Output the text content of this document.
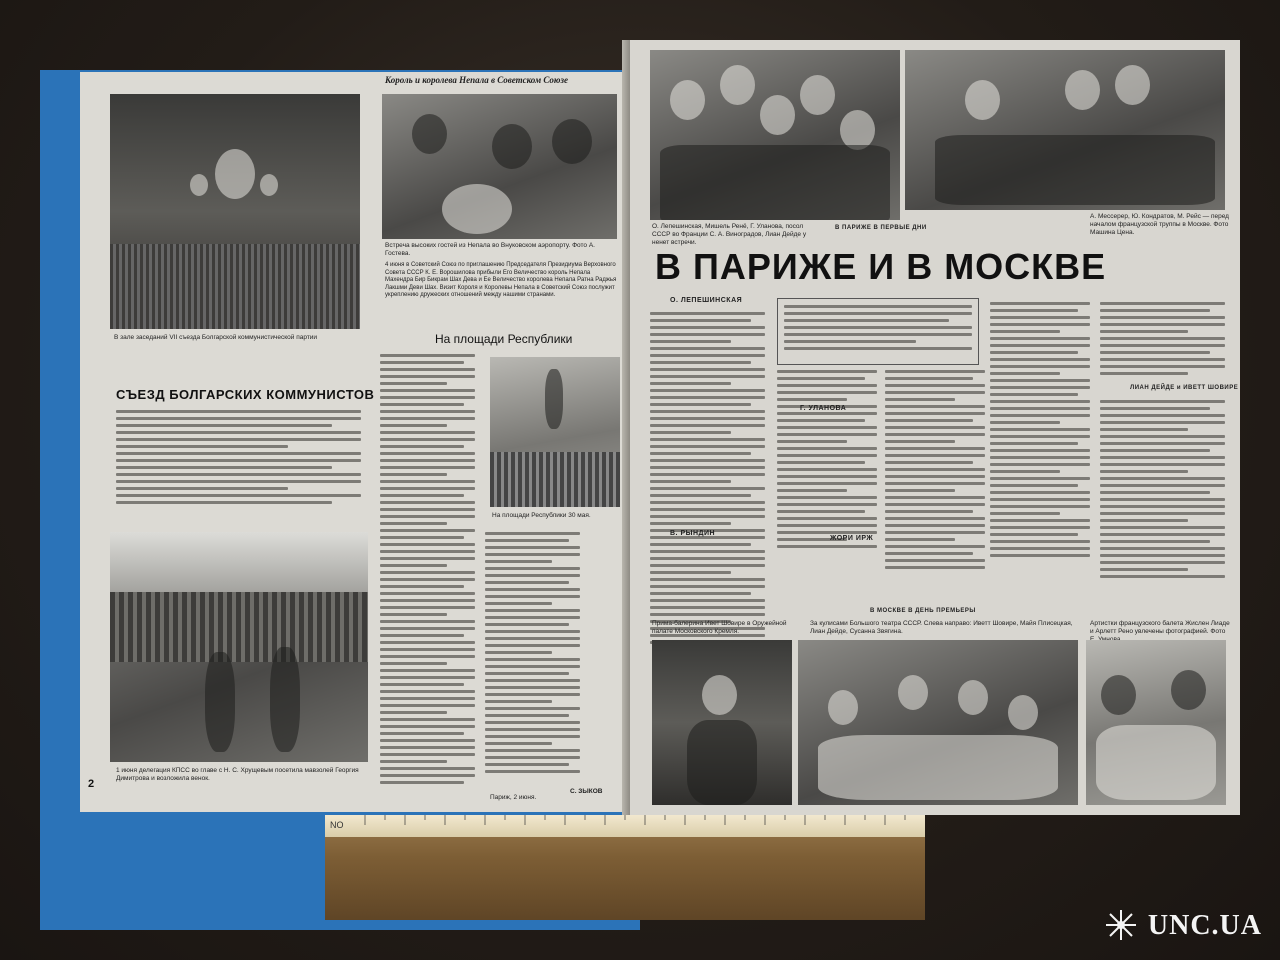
В зале заседаний VII съезда Болгарской коммунистической партии
Король и королева Непала в Советском Союзе
Встреча высоких гостей из Непала во Внуковском аэропорту. Фото А. Гостева.
4 июня в Советский Союз по приглашению Председателя Президиума Верховного Совета СССР К. Е. Ворошилова прибыли Его Величество король Непала Махендра Бир Бикрам Шах Дева и Ее Величество королева Непала Ратна Раджья Лакшми Деви Шах. Визит Короля и Королевы Непала в Советский Союз послужит укреплению дружеских отношений между нашими странами.
На площади Республики
СЪЕЗД БОЛГАРСКИХ КОММУНИСТОВ
На площади Республики 30 мая.
1 июня делегация КПСС во главе с Н. С. Хрущевым посетила мавзолей Георгия Димитрова и возложила венок.
Париж, 2 июня.
С. ЗЫКОВ
2
О. Лепешинская, Мишель Ренё, Г. Уланова, посол СССР во Франции С. А. Виноградов, Лиан Дейде у ненет встречи.
А. Мессерер, Ю. Кондратов, М. Рейс — перед началом французской труппы в Москве. Фото Машина Цена.
В ПАРИЖЕ В ПЕРВЫЕ ДНИ
В ПАРИЖЕ И В МОСКВЕ
О. ЛЕПЕШИНСКАЯ
В. РЫНДИН
Г. УЛАНОВА
ЖОРИ ИРЖ
ЛИАН ДЕЙДЕ и ИВЕТТ ШОВИРЕ
В МОСКВЕ В ДЕНЬ ПРЕМЬЕРЫ
Прима-балерина Ивет Шовире в Оружейной палате Московского Кремля.
За кулисами Большого театра СССР. Слева направо: Иветт Шовире, Майя Плисецкая, Лиан Дейде, Сусанна Звягина.
Артистки французского балета Жислен Лиаде и Арлетт Рено увлечены фотографией. Фото
NO
UNC.UA
